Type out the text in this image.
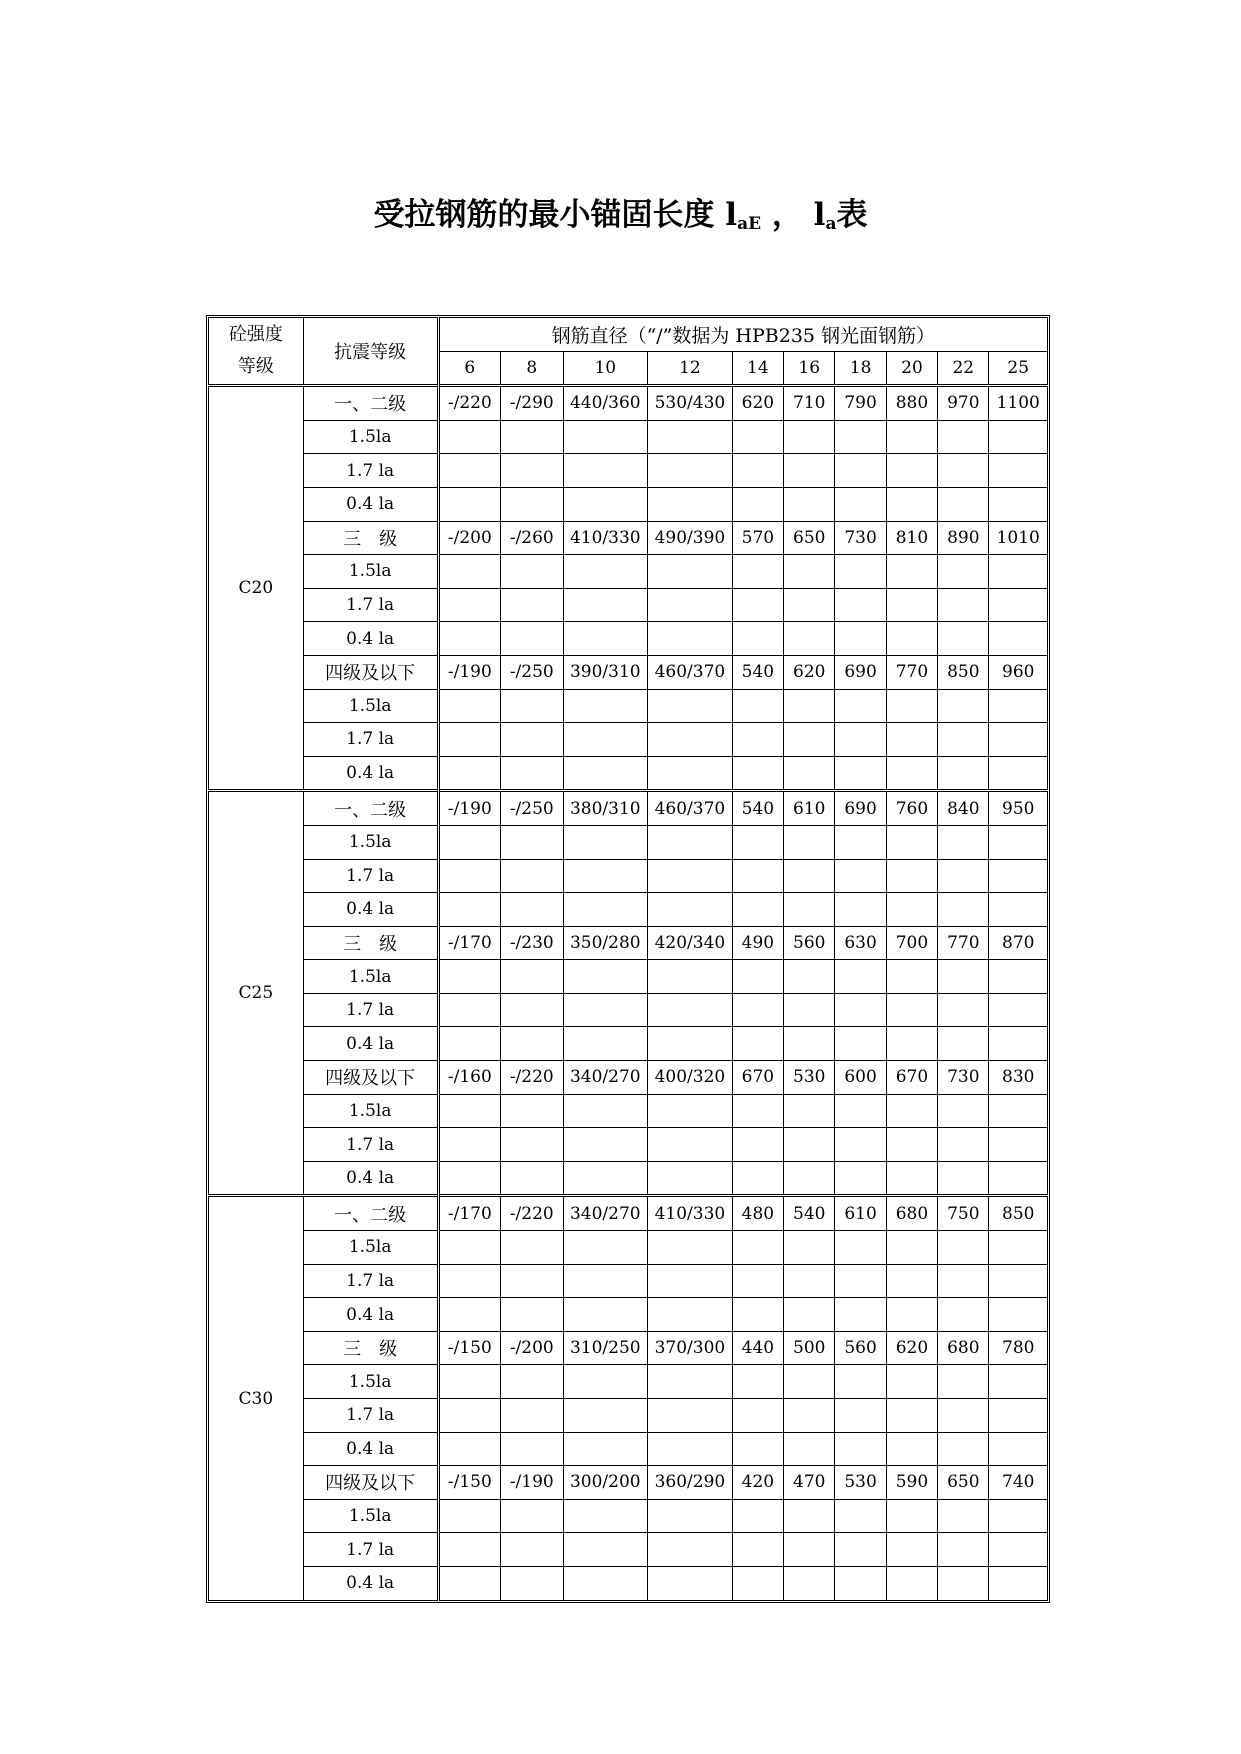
受拉钢筋的最小锚固长度 $l_{aE}$ ， $l_a$表
砼强度等级	抗震等级	钢筋直径（“/”数据为 HPB235 钢光面钢筋）									
		6	8	10	12	14	16	18	20	22	25
C20	一、二级	-/220	-/290	440/360	530/430	620	710	790	880	970	1100
	1.5la										
	1.7 la										
	0.4 la										
	三　级	-/200	-/260	410/330	490/390	570	650	730	810	890	1010
	1.5la										
	1.7 la										
	0.4 la										
	四级及以下	-/190	-/250	390/310	460/370	540	620	690	770	850	960
	1.5la										
	1.7 la										
	0.4 la										
C25	一、二级	-/190	-/250	380/310	460/370	540	610	690	760	840	950
	1.5la										
	1.7 la										
	0.4 la										
	三　级	-/170	-/230	350/280	420/340	490	560	630	700	770	870
	1.5la										
	1.7 la										
	0.4 la										
	四级及以下	-/160	-/220	340/270	400/320	670	530	600	670	730	830
	1.5la										
	1.7 la										
	0.4 la										
C30	一、二级	-/170	-/220	340/270	410/330	480	540	610	680	750	850
	1.5la										
	1.7 la										
	0.4 la										
	三　级	-/150	-/200	310/250	370/300	440	500	560	620	680	780
	1.5la										
	1.7 la										
	0.4 la										
	四级及以下	-/150	-/190	300/200	360/290	420	470	530	590	650	740
	1.5la										
	1.7 la										
	0.4 la										
